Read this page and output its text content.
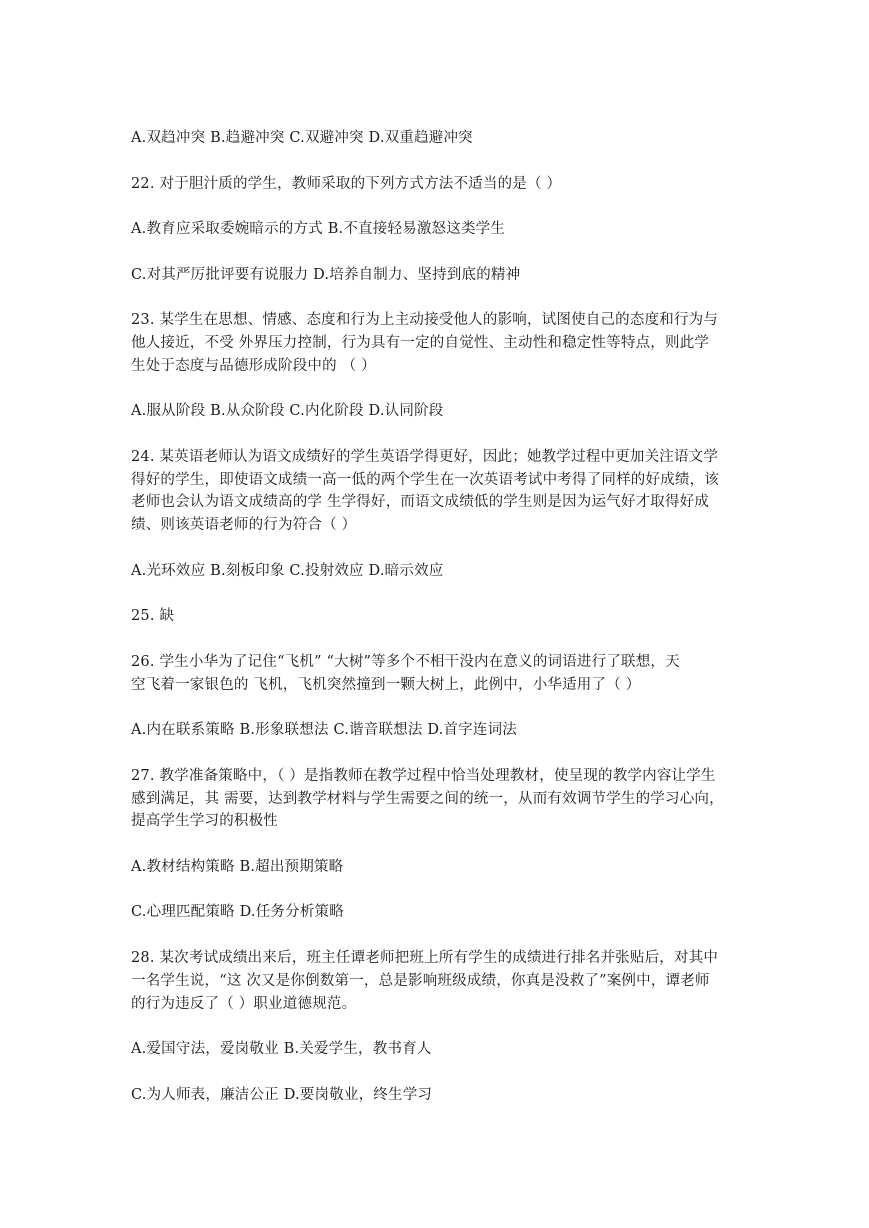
A.双趋冲突 B.趋避冲突 C.双避冲突 D.双重趋避冲突
22. 对于胆汁质的学生，教师采取的下列方式方法不适当的是（ ）
A.教育应采取委婉暗示的方式 B.不直接轻易激怒这类学生
C.对其严厉批评要有说服力 D.培养自制力、坚持到底的精神
23. 某学生在思想、情感、态度和行为上主动接受他人的影响，试图使自己的态度和行为与
他人接近，不受 外界压力控制，行为具有一定的自觉性、主动性和稳定性等特点，则此学
生处于态度与品德形成阶段中的 （ ）
A.服从阶段 B.从众阶段 C.内化阶段 D.认同阶段
24. 某英语老师认为语文成绩好的学生英语学得更好，因此；她教学过程中更加关注语文学
得好的学生，即使语文成绩一高一低的两个学生在一次英语考试中考得了同样的好成绩，该
老师也会认为语文成绩高的学 生学得好，而语文成绩低的学生则是因为运气好才取得好成
绩、则该英语老师的行为符合（ ）
A.光环效应 B.刻板印象 C.投射效应 D.暗示效应
25. 缺
26. 学生小华为了记住“飞机” “大树”等多个不相干没内在意义的词语进行了联想，天
空飞着一家银色的 飞机，飞机突然撞到一颗大树上，此例中，小华适用了（ ）
A.内在联系策略 B.形象联想法 C.谐音联想法 D.首字连词法
27. 教学准备策略中，（ ）是指教师在教学过程中恰当处理教材，使呈现的教学内容让学生
感到满足，其 需要，达到教学材料与学生需要之间的统一，从而有效调节学生的学习心向，
提高学生学习的积极性
A.教材结构策略 B.超出预期策略
C.心理匹配策略 D.任务分析策略
28. 某次考试成绩出来后，班主任谭老师把班上所有学生的成绩进行排名并张贴后，对其中
一名学生说，“这 次又是你倒数第一，总是影响班级成绩，你真是没救了”案例中，谭老师
的行为违反了（ ）职业道德规范。
A.爱国守法，爱岗敬业 B.关爱学生，教书育人
C.为人师表，廉洁公正 D.要岗敬业，终生学习
